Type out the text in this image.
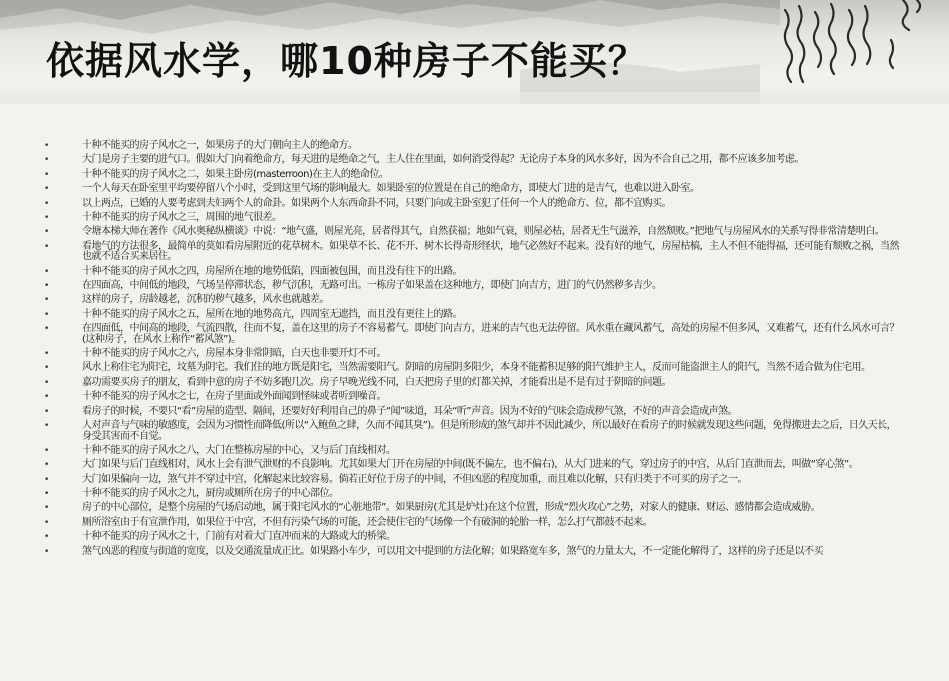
依据风水学，哪10种房子不能买？
•	十种不能买的房子风水之一，如果房子的大门朝向主人的绝命方。
•	大门是房子主要的进气口。假如大门向着绝命方，每天进的是绝命之气，主人住在里面，如何消受得起？无论房子本身的风水多好，因为不合自己之用，都不应该多加考虑。
•	十种不能买的房子风水之二，如果主卧房(masterroon)在主人的绝命位。
•	一个人每天在卧室里平均要停留八个小时，受到这里气场的影响最大。如果卧室的位置是在自己的绝命方，即使大门进的是吉气，也难以进入卧室。
•	以上两点，已婚的人要考虑到夫妇两个人的命卦。如果两个人东西命卦不同，只要门向或主卧室犯了任何一个人的绝命方、位，都不宜购买。
•	十种不能买的房子风水之三，周围的地气很差。
•	令塘本梯大师在著作《风水奥秘纵横谈》中说：“地气盛，则屋光亮，居者得其气，自然获福；地如气衰，则屋必枯，居者无生气滋养，自然颓败。”把地气与房屋风水的关系写得非常清楚明白。
•	看地气的方法很多，最简单的莫如看房屋附近的花草树木。如果草不长、花不开、树木长得奇形怪状，地气必然好不起来。没有好的地气，房屋枯槁，主人不但不能得福，还可能有颓败之祸，当然也就不适合买来居住。
•	十种不能买的房子风水之四，房屋所在地的地势低陷，四面被包围，而且没有往下的出路。
•	在四面高，中间低的地段，气场呈停滞状态，秽气沉积，无路可出。一栋房子如果盖在这种地方，即使门向吉方，进门的气仍然秽多吉少。
•	这样的房子，房龄越老，沉积的秽气越多，风水也就越差。
•	十种不能买的房子风水之五，屋所在地的地势高亢，四周室无遮挡，而且没有更往上的路。
•	在四面低，中间高的地段，气流四散，往而不复，盖在这里的房子不容易蓄气。即使门向吉方，进来的吉气也无法停留。风水重在藏风蓄气，高处的房屋不但多风，又难蓄气，还有什么风水可言？(这种房子，在风水上称作“蓄风煞”)。
•	十种不能买的房子风水之六，房屋本身非常阴暗，白天也非要开灯不可。
•	风水上称住宅为阳宅，坟墓为阴宅。我们住的地方既是阳宅，当然需要阳气。阴暗的房屋阴多阳少，本身不能蓄积足够的阳气维护主人，反而可能盗泄主人的阳气，当然不适合做为住宅用。
•	嘉功需要买房子的朋友，看到中意的房子不妨多跑几次。房子早晚光线不同，白天把房子里的灯都关掉，才能看出是不是有过于阴暗的问题。
•	十种不能买的房子风水之七，在房子里面或外面闻到怪味或者听到噪音。
•	看房子的时候，不要只“看”房屋的造型、隔间，还要好好利用自己的鼻子“闻”味道，耳朵“听”声音。因为不好的气味会造成秽气煞，不好的声音会造成声煞。
•	人对声音与气味的敏感度，会因为习惯性而降低(所以“入鲍鱼之肆，久而不闻其臭”)。但是所形成的煞气却并不因此减少，所以最好在看房子的时候就发现这些问题，免得搬进去之后，日久天长，身受其害而不自觉。
•	十种不能买的房子风水之八，大门在整栋房屋的中心，又与后门直线相对。
•	大门如果与后门直线相对，风水上会有泄气泄财的不良影响。尤其如果大门开在房屋的中间(既不偏左，也不偏右)，从大门进来的气，穿过房子的中宫，从后门直泄而去，叫做“穿心煞”。
•	大门如果偏向一边，煞气并不穿过中宫，化解起来比较容易。倘若正好位于房子的中间，不但凶恶的程度加重，而且难以化解，只有归类于不可买的房子之一。
•	十种不能买的房子风水之九，厨房或厕所在房子的中心部位。
•	房子的中心部位，是整个房屋的气场启动地，属于阳宅风水的“心脏地带”。如果厨房(尤其是炉灶)在这个位置，形成“烈火攻心”之势，对家人的健康、财运、感情都会造成威胁。
•	厕所浴室由于有宣泄作用，如果位于中宫，不但有污染气场的可能，还会使住宅的气场像一个有破洞的轮胎一样，怎么打气都鼓不起来。
•	十种不能买的房子风水之十，门前有对着大门直冲而来的大路或大的桥梁。
•	煞气凶恶的程度与街道的宽度，以及交通流量成正比。如果路小车少，可以用文中提到的方法化解；如果路宽车多，煞气的力量太大，不一定能化解得了，这样的房子还是以不买
